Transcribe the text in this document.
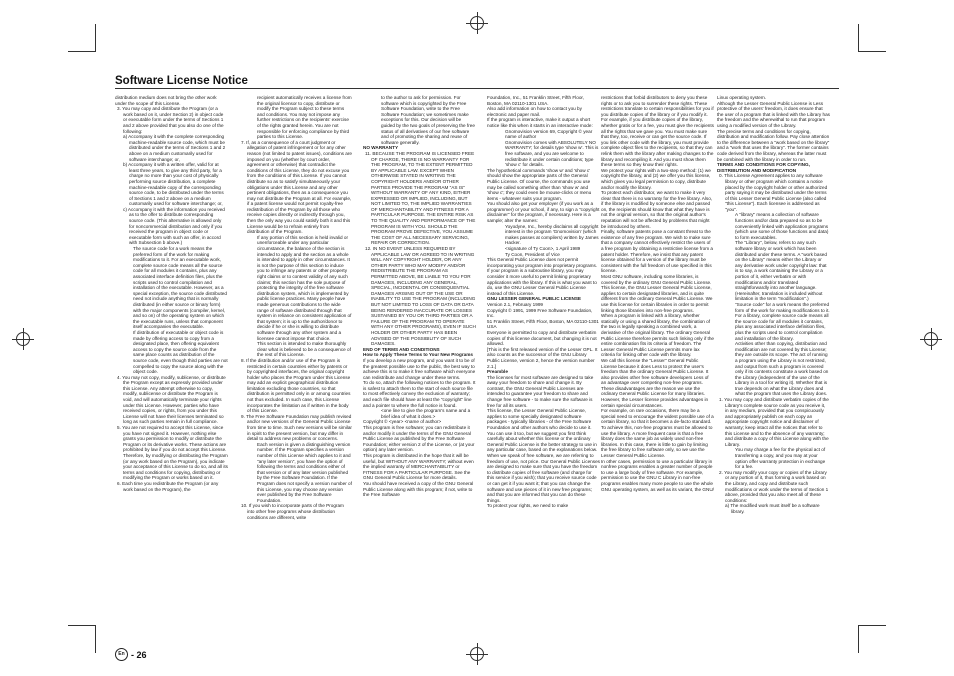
Software License Notice

distribution medium does not bring the other work under the scope of this License.

3. You may copy and distribute the Program (or a work based on it, under Section 2) in object code or executable form under the terms of Sections 1 and 2 above provided that you also do one of the following:

a) Accompany it with the complete corresponding machine-readable source code, which must be distributed under the terms of Sections 1 and 2 above on a medium customarily used for software interchange; or,

b) Accompany it with a written offer, valid for at least three years, to give any third party, for a charge no more than your cost of physically performing source distribution, a complete machine-readable copy of the corresponding source code, to be distributed under the terms of Sections 1 and 2 above on a medium customarily used for software interchange; or,

c) Accompany it with the information you received as to the offer to distribute corresponding source code. (This alternative is allowed only for noncommercial distribution and only if you received the program in object code or executable form with such an offer, in accord with Subsection b above.)

The source code for a work means the preferred form of the work for making modifications to it. For an executable work, complete source code means all the source code for all modules it contains, plus any associated interface definition files, plus the scripts used to control compilation and installation of the executable. However, as a special exception, the source code distributed need not include anything that is normally distributed (in either source or binary form) with the major components (compiler, kernel, and so on) of the operating system on which the executable runs, unless that component itself accompanies the executable.

If distribution of executable or object code is made by offering access to copy from a designated place, then offering equivalent access to copy the source code from the same place counts as distribution of the source code, even though third parties are not compelled to copy the source along with the object code.

4. You may not copy, modify, sublicense, or distribute the Program except as expressly provided under this License. Any attempt otherwise to copy, modify, sublicense or distribute the Program is void, and will automatically terminate your rights under this License. However, parties who have received copies, or rights, from you under this License will not have their licenses terminated so long as such parties remain in full compliance.

5. You are not required to accept this License, since you have not signed it. However, nothing else grants you permission to modify or distribute the Program or its derivative works. These actions are prohibited by law if you do not accept this License. Therefore, by modifying or distributing the Program (or any work based on the Program), you indicate your acceptance of this License to do so, and all its terms and conditions for copying, distributing or modifying the Program or works based on it.

6. Each time you redistribute the Program (or any work based on the Program), the

recipient automatically receives a license from the original licensor to copy, distribute or modify the Program subject to these terms and conditions. You may not impose any further restrictions on the recipients' exercise of the rights granted herein. You are not responsible for enforcing compliance by third parties to this License.

7. If, as a consequence of a court judgment or allegation of patent infringement or for any other reason (not limited to patent issues), conditions are imposed on you (whether by court order, agreement or otherwise) that contradict the conditions of this License, they do not excuse you from the conditions of this License. If you cannot distribute so as to satisfy simultaneously your obligations under this License and any other pertinent obligations, then as a consequence you may not distribute the Program at all. For example, if a patent license would not permit royalty-free redistribution of the Program by all those who receive copies directly or indirectly through you, then the only way you could satisfy both it and this License would be to refrain entirely from distribution of the Program.

If any portion of this section is held invalid or unenforceable under any particular circumstance, the balance of the section is intended to apply and the section as a whole is intended to apply in other circumstances. It is not the purpose of this section to induce you to infringe any patents or other property right claims or to contest validity of any such claims; this section has the sole purpose of protecting the integrity of the free software distribution system, which is implemented by public license practices. Many people have made generous contributions to the wide range of software distributed through that system in reliance on consistent application of that system; it is up to the author/donor to decide if he or she is willing to distribute software through any other system and a licensee cannot impose that choice.

This section is intended to make thoroughly clear what is believed to be a consequence of the rest of this License.

8. If the distribution and/or use of the Program is restricted in certain countries either by patents or by copyrighted interfaces, the original copyright holder who places the Program under this License may add an explicit geographical distribution limitation excluding those countries, so that distribution is permitted only in or among countries not thus excluded. In such case, this License incorporates the limitation as if written in the body of this License.

9. The Free Software Foundation may publish revised and/or new versions of the General Public License from time to time. Such new versions will be similar in spirit to the present version, but may differ in detail to address new problems or concerns.

Each version is given a distinguishing version number. If the Program specifies a version number of this License which applies to it and "any later version", you have the option of following the terms and conditions either of that version or of any later version published by the Free Software Foundation. If the Program does not specify a version number of this License, you may choose any version ever published by the Free Software Foundation.

10. If you wish to incorporate parts of the Program into other free programs whose distribution conditions are different, write

to the author to ask for permission. For software which is copyrighted by the Free Software Foundation, write to the Free Software Foundation; we sometimes make exceptions for this. Our decision will be guided by the two goals of preserving the free status of all derivatives of our free software and of promoting the sharing and reuse of software generally.

NO WARRANTY

11. BECAUSE THE PROGRAM IS LICENSED FREE OF CHARGE, THERE IS NO WARRANTY FOR THE PROGRAM, TO THE EXTENT PERMITTED BY APPLICABLE LAW. EXCEPT WHEN OTHERWISE STATED IN WRITING THE COPYRIGHT HOLDERS AND/OR OTHER PARTIES PROVIDE THE PROGRAM "AS IS" WITHOUT WARRANTY OF ANY KIND, EITHER EXPRESSED OR IMPLIED, INCLUDING, BUT NOT LIMITED TO, THE IMPLIED WARRANTIES OF MERCHANTABILITY AND FITNESS FOR A PARTICULAR PURPOSE. THE ENTIRE RISK AS TO THE QUALITY AND PERFORMANCE OF THE PROGRAM IS WITH YOU. SHOULD THE PROGRAM PROVE DEFECTIVE, YOU ASSUME THE COST OF ALL NECESSARY SERVICING, REPAIR OR CORRECTION.

12. IN NO EVENT UNLESS REQUIRED BY APPLICABLE LAW OR AGREED TO IN WRITING WILL ANY COPYRIGHT HOLDER, OR ANY OTHER PARTY WHO MAY MODIFY AND/OR REDISTRIBUTE THE PROGRAM AS PERMITTED ABOVE, BE LIABLE TO YOU FOR DAMAGES, INCLUDING ANY GENERAL, SPECIAL, INCIDENTAL OR CONSEQUENTIAL DAMAGES ARISING OUT OF THE USE OR INABILITY TO USE THE PROGRAM (INCLUDING BUT NOT LIMITED TO LOSS OF DATA OR DATA BEING RENDERED INACCURATE OR LOSSES SUSTAINED BY YOU OR THIRD PARTIES OR A FAILURE OF THE PROGRAM TO OPERATE WITH ANY OTHER PROGRAMS), EVEN IF SUCH HOLDER OR OTHER PARTY HAS BEEN ADVISED OF THE POSSIBILITY OF SUCH DAMAGES.

END OF TERMS AND CONDITIONS

How to Apply These Terms to Your New Programs

If you develop a new program, and you want it to be of the greatest possible use to the public, the best way to achieve this is to make it free software which everyone can redistribute and change under these terms.

To do so, attach the following notices to the program. It is safest to attach them to the start of each source file to most effectively convey the exclusion of warranty; and each file should have at least the "copyright" line and a pointer to where the full notice is found.

<one line to give the program's name and a brief idea of what it does.>

Copyright © <year> <name of author>

This program is free software; you can redistribute it and/or modify it under the terms of the GNU General Public License as published by the Free Software Foundation; either version 2 of the License, or (at your option) any later version.

This program is distributed in the hope that it will be useful, but WITHOUT ANY WARRANTY; without even the implied warranty of MERCHANTABILITY or FITNESS FOR A PARTICULAR PURPOSE. See the GNU General Public License for more details.

You should have received a copy of the GNU General Public License along with this program; if not, write to the Free Software

Foundation, Inc., 51 Franklin Street, Fifth Floor, Boston, MA 02110-1301 USA.

Also add information on how to contact you by electronic and paper mail.

If the program is interactive, make it output a short notice like this when it starts in an interactive mode:

Gnomovision version 69, Copyright © year name of author

Gnomovision comes with ABSOLUTELY NO WARRANTY; for details type 'show w'. This is free software, and you are welcome to redistribute it under certain conditions; type 'show c' for details.

The hypothetical commands 'show w' and 'show c' should show the appropriate parts of the General Public License. Of course, the commands you use may be called something other than 'show w' and 'show c'; they could even be mouse-clicks or menu items - whatever suits your program.

You should also get your employer (if you work as a programmer) or your school, if any, to sign a "copyright disclaimer" for the program, if necessary. Here is a sample; alter the names:

Yoyodyne, Inc., hereby disclaims all copyright interest in the program 'Gnomovision' (which makes passes at compilers) written by James Hacker.

<signature of Ty Coon>, 1 April 1989

Ty Coon, President of Vice

This General Public License does not permit incorporating your program into proprietary programs. If your program is a subroutine library, you may consider it more useful to permit linking proprietary applications with the library. If this is what you want to do, use the GNU Lesser General Public License instead of this License.

GNU LESSER GENERAL PUBLIC LICENSE

Version 2.1, February 1999

Copyright © 1991, 1999 Free Software Foundation, Inc.

51 Franklin Street, Fifth Floor, Boston, MA 02110-1301 USA

Everyone is permitted to copy and distribute verbatim copies of this license document, but changing it is not allowed.

[This is the first released version of the Lesser GPL. It also counts as the successor of the GNU Library Public License, version 2, hence the version number 2.1.]

Preamble

The licenses for most software are designed to take away your freedom to share and change it. By contrast, the GNU General Public Licenses are intended to guarantee your freedom to share and change free software - to make sure the software is free for all its users.

This license, the Lesser General Public License, applies to some specially designated software packages - typically libraries - of the Free Software Foundation and other authors who decide to use it. You can use it too, but we suggest you first think carefully about whether this license or the ordinary General Public License is the better strategy to use in any particular case, based on the explanations below.

When we speak of free software, we are referring to freedom of use, not price. Our General Public Licenses are designed to make sure that you have the freedom to distribute copies of free software (and charge for this service if you wish); that you receive source code or can get it if you want it; that you can change the software and use pieces of it in new free programs; and that you are informed that you can do these things.

To protect your rights, we need to make

restrictions that forbid distributors to deny you these rights or to ask you to surrender these rights. These restrictions translate to certain responsibilities for you if you distribute copies of the library or if you modify it.

For example, if you distribute copies of the library, whether gratis or for a fee, you must give the recipients all the rights that we gave you. You must make sure that they, too, receive or can get the source code. If you link other code with the library, you must provide complete object files to the recipients, so that they can relink them with the library after making changes to the library and recompiling it. And you must show them these terms so they know their rights.

We protect your rights with a two-step method: (1) we copyright the library, and (2) we offer you this license, which gives you legal permission to copy, distribute and/or modify the library.

To protect each distributor, we want to make it very clear that there is no warranty for the free library. Also, if the library is modified by someone else and passed on, the recipients should know that what they have is not the original version, so that the original author's reputation will not be affected by problems that might be introduced by others.

Finally, software patents pose a constant threat to the existence of any free program. We wish to make sure that a company cannot effectively restrict the users of a free program by obtaining a restrictive license from a patent holder. Therefore, we insist that any patent license obtained for a version of the library must be consistent with the full freedom of use specified in this license.

Most GNU software, including some libraries, is covered by the ordinary GNU General Public License. This license, the GNU Lesser General Public License, applies to certain designated libraries, and is quite different from the ordinary General Public License. We use this license for certain libraries in order to permit linking those libraries into non-free programs.

When a program is linked with a library, whether statically or using a shared library, the combination of the two is legally speaking a combined work, a derivative of the original library. The ordinary General Public License therefore permits such linking only if the entire combination fits its criteria of freedom. The Lesser General Public License permits more lax criteria for linking other code with the library.

We call this license the "Lesser" General Public License because it does Less to protect the user's freedom than the ordinary General Public License. It also provides other free software developers Less of an advantage over competing non-free programs. These disadvantages are the reason we use the ordinary General Public License for many libraries. However, the Lesser license provides advantages in certain special circumstances.

For example, on rare occasions, there may be a special need to encourage the widest possible use of a certain library, so that it becomes a de-facto standard. To achieve this, non-free programs must be allowed to use the library. A more frequent case is that a free library does the same job as widely used non-free libraries. In this case, there is little to gain by limiting the free library to free software only, so we use the Lesser General Public License.

In other cases, permission to use a particular library in nonfree programs enables a greater number of people to use a large body of free software. For example, permission to use the GNU C Library in non-free programs enables many more people to use the whole GNU operating system, as well as its variant, the GNU/

Linux operating system.

Although the Lesser General Public License is Less protective of the users' freedom, it does ensure that the user of a program that is linked with the Library has the freedom and the wherewithal to run that program using a modified version of the Library.

The precise terms and conditions for copying, distribution and modification follow. Pay close attention to the difference between a "work based on the library" and a "work that uses the library". The former contains code derived from the library, whereas the latter must be combined with the library in order to run.

TERMS AND CONDITIONS FOR COPYING, DISTRIBUTION AND MODIFICATION

0. This License Agreement applies to any software library or other program which contains a notice placed by the copyright holder or other authorized party saying it may be distributed under the terms of this Lesser General Public License (also called "this License"). Each licensee is addressed as "you".

A "library" means a collection of software functions and/or data prepared so as to be conveniently linked with application programs (which use some of those functions and data) to form executables.

The "Library", below, refers to any such software library or work which has been distributed under these terms. A "work based on the Library" means either the Library or any derivative work under copyright law: that is to say, a work containing the Library or a portion of it, either verbatim or with modifications and/or translated straightforwardly into another language. (Hereinafter, translation is included without limitation in the term "modification".)

"Source code" for a work means the preferred form of the work for making modifications to it. For a library, complete source code means all the source code for all modules it contains, plus any associated interface definition files, plus the scripts used to control compilation and installation of the library.

Activities other than copying, distribution and modification are not covered by this License; they are outside its scope. The act of running a program using the Library is not restricted, and output from such a program is covered only if its contents constitute a work based on the Library (independent of the use of the Library in a tool for writing it). Whether that is true depends on what the Library does and what the program that uses the Library does.

1. You may copy and distribute verbatim copies of the Library's complete source code as you receive it, in any medium, provided that you conspicuously and appropriately publish on each copy an appropriate copyright notice and disclaimer of warranty; keep intact all the notices that refer to this License and to the absence of any warranty; and distribute a copy of this License along with the Library.

You may charge a fee for the physical act of transferring a copy, and you may at your option offer warranty protection in exchange for a fee.

2. You may modify your copy or copies of the Library or any portion of it, thus forming a work based on the Library, and copy and distribute such modifications or work under the terms of Section 1 above, provided that you also meet all of these conditions:

a) The modified work must itself be a software library.

En - 26
